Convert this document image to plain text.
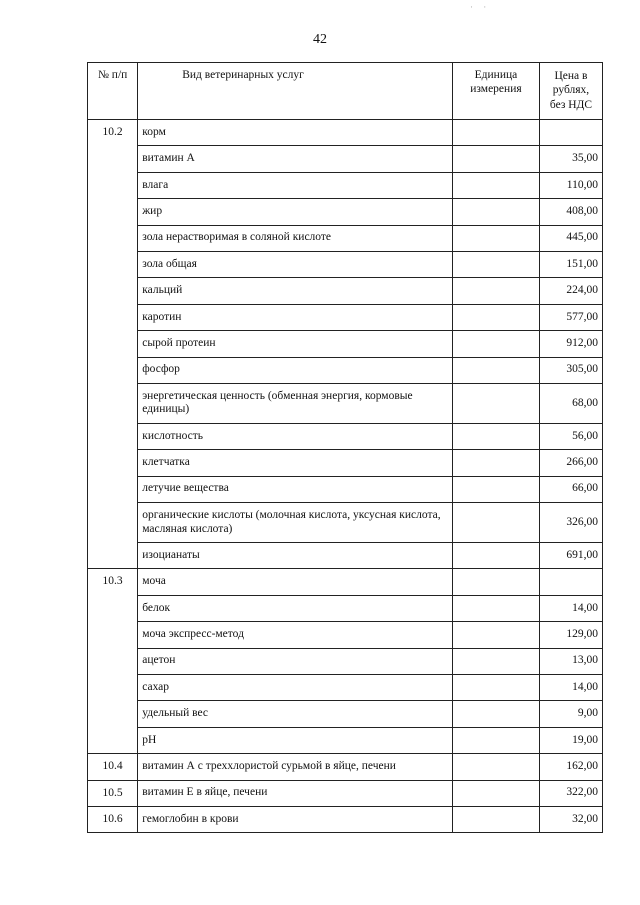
· ·
42
№ п/п	Вид ветеринарных услуг	Единица измерения	Цена в рублях, без НДС
10.2	корм		
	витамин А		35,00
	влага		110,00
	жир		408,00
	зола нерастворимая в соляной кислоте		445,00
	зола общая		151,00
	кальций		224,00
	каротин		577,00
	сырой протеин		912,00
	фосфор		305,00
	энергетическая ценность (обменная энергия, кормовые единицы)		68,00
	кислотность		56,00
	клетчатка		266,00
	летучие вещества		66,00
	органические кислоты (молочная кислота, уксусная кислота, масляная кислота)		326,00
	изоцианаты		691,00
10.3	моча		
	белок		14,00
	моча экспресс-метод		129,00
	ацетон		13,00
	сахар		14,00
	удельный вес		9,00
	pH		19,00
10.4	витамин А с треххлористой сурьмой в яйце, печени		162,00
10.5	витамин Е в яйце, печени		322,00
10.6	гемоглобин в крови		32,00
